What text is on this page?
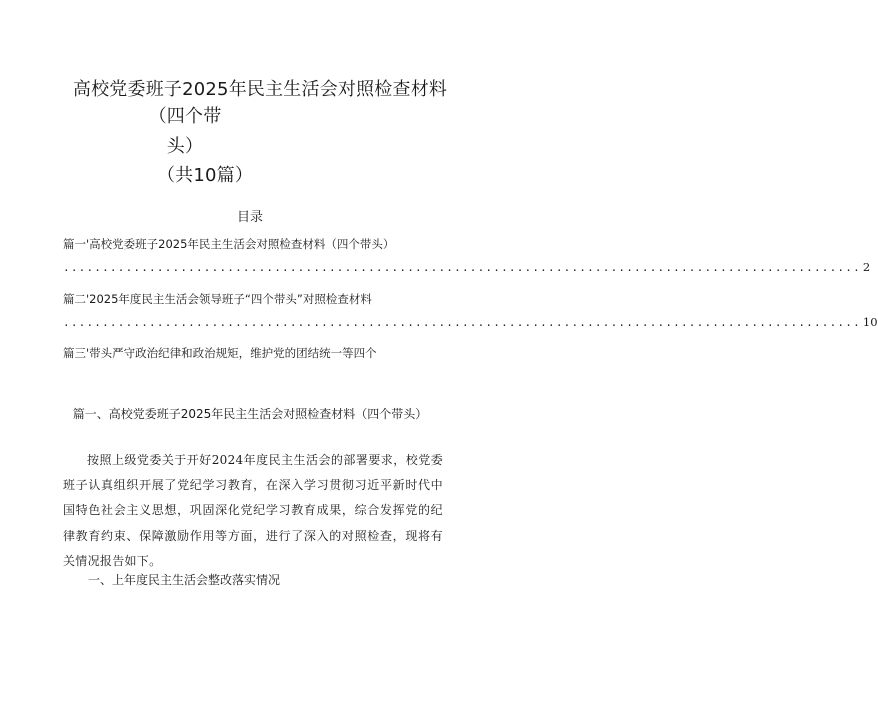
高校党委班子2025年民主生活会对照检查材料
（四个带
头）
（共10篇）
目录
篇一'高校党委班子2025年民主生活会对照检查材料（四个带头）
...................................................................................................... 2
篇二'2025年度民主生活会领导班子“四个带头”对照检查材料
...................................................................................................... 10
篇三'带头严守政治纪律和政治规矩，维护党的团结统一等四个
篇一、高校党委班子2025年民主生活会对照检查材料（四个带头）
按照上级党委关于开好2024年度民主生活会的部署要求，校党委班子认真组织开展了党纪学习教育，在深入学习贯彻习近平新时代中国特色社会主义思想，巩固深化党纪学习教育成果，综合发挥党的纪律教育约束、保障激励作用等方面，进行了深入的对照检查，现将有关情况报告如下。
一、上年度民主生活会整改落实情况
